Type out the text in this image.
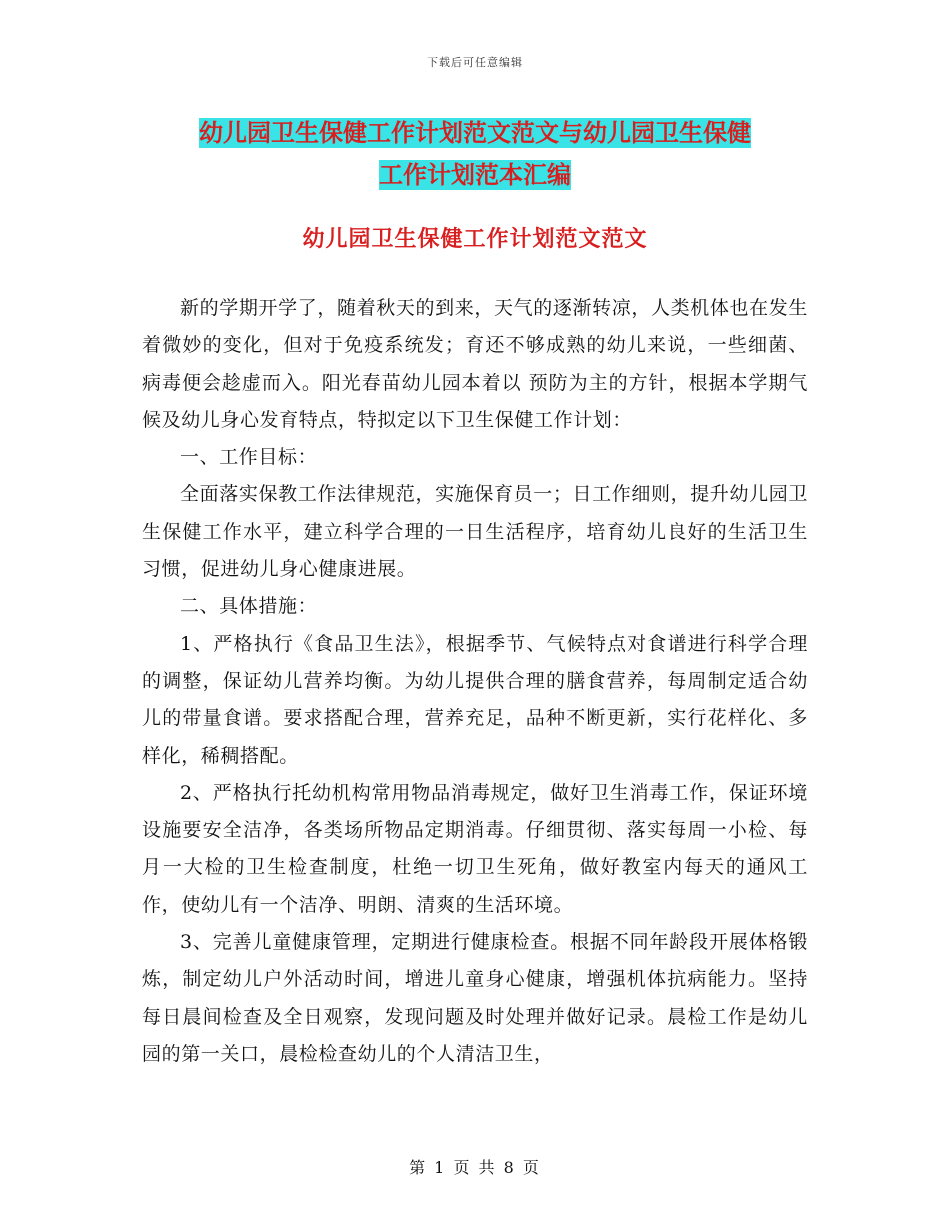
下载后可任意编辑
幼儿园卫生保健工作计划范文范文与幼儿园卫生保健
工作计划范本汇编
幼儿园卫生保健工作计划范文范文

新的学期开学了，随着秋天的到来，天气的逐渐转凉，人类机体也在发生着微妙的变化，但对于免疫系统发；育还不够成熟的幼儿来说，一些细菌、病毒便会趁虚而入。阳光春苗幼儿园本着以 预防为主的方针，根据本学期气候及幼儿身心发育特点，特拟定以下卫生保健工作计划：

一、工作目标：

全面落实保教工作法律规范，实施保育员一；日工作细则，提升幼儿园卫生保健工作水平，建立科学合理的一日生活程序，培育幼儿良好的生活卫生习惯，促进幼儿身心健康进展。

二、具体措施：

1、严格执行《食品卫生法》，根据季节、气候特点对食谱进行科学合理的调整，保证幼儿营养均衡。为幼儿提供合理的膳食营养，每周制定适合幼儿的带量食谱。要求搭配合理，营养充足，品种不断更新，实行花样化、多样化，稀稠搭配。

2、严格执行托幼机构常用物品消毒规定，做好卫生消毒工作，保证环境设施要安全洁净，各类场所物品定期消毒。仔细贯彻、落实每周一小检、每月一大检的卫生检查制度，杜绝一切卫生死角，做好教室内每天的通风工作，使幼儿有一个洁净、明朗、清爽的生活环境。

3、完善儿童健康管理，定期进行健康检查。根据不同年龄段开展体格锻炼，制定幼儿户外活动时间，增进儿童身心健康，增强机体抗病能力。坚持每日晨间检查及全日观察，发现问题及时处理并做好记录。晨检工作是幼儿园的第一关口，晨检检查幼儿的个人清洁卫生，

第 1 页 共 8 页
